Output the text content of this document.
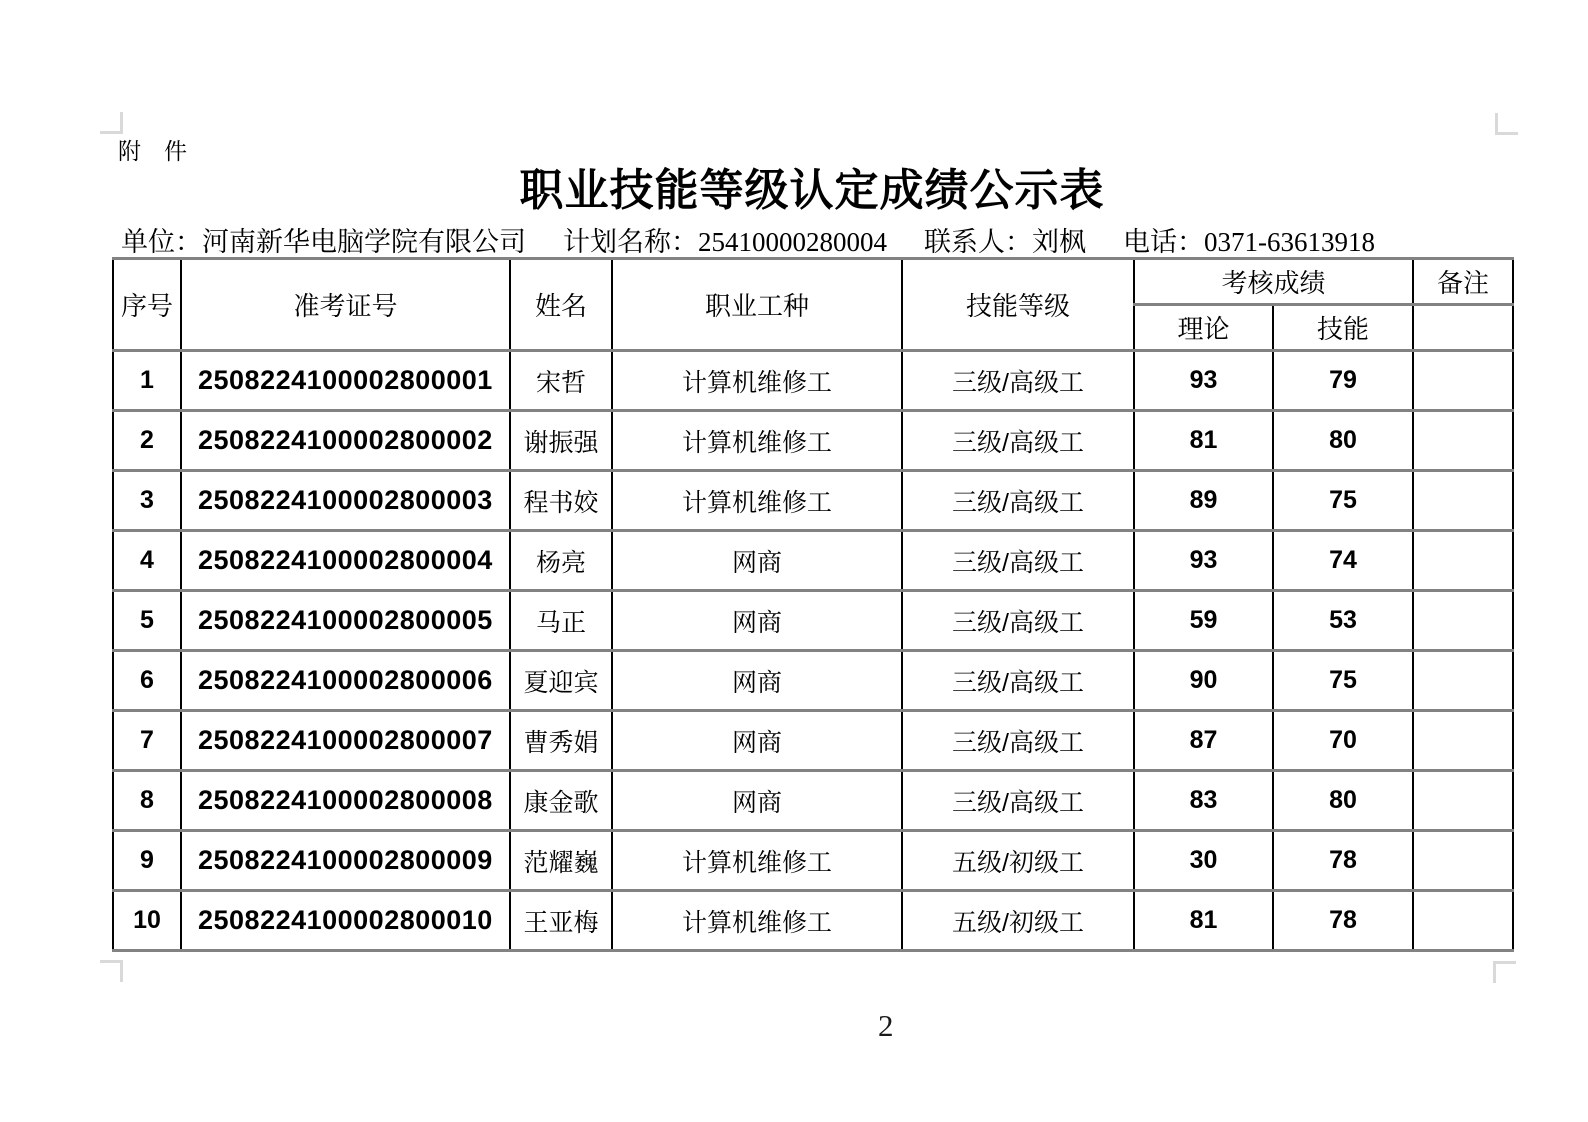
附　件
职业技能等级认定成绩公示表
单位：河南新华电脑学院有限公司 计划名称：25410000280004 联系人：刘枫 电话：0371-63613918
序号	准考证号	姓名	职业工种	技能等级	考核成绩		备注
					理论	技能	
1	2508224100002800001	宋哲	计算机维修工	三级/高级工	93	79	
2	2508224100002800002	谢振强	计算机维修工	三级/高级工	81	80	
3	2508224100002800003	程书姣	计算机维修工	三级/高级工	89	75	
4	2508224100002800004	杨亮	网商	三级/高级工	93	74	
5	2508224100002800005	马正	网商	三级/高级工	59	53	
6	2508224100002800006	夏迎宾	网商	三级/高级工	90	75	
7	2508224100002800007	曹秀娟	网商	三级/高级工	87	70	
8	2508224100002800008	康金歌	网商	三级/高级工	83	80	
9	2508224100002800009	范耀巍	计算机维修工	五级/初级工	30	78	
10	2508224100002800010	王亚梅	计算机维修工	五级/初级工	81	78	
2
